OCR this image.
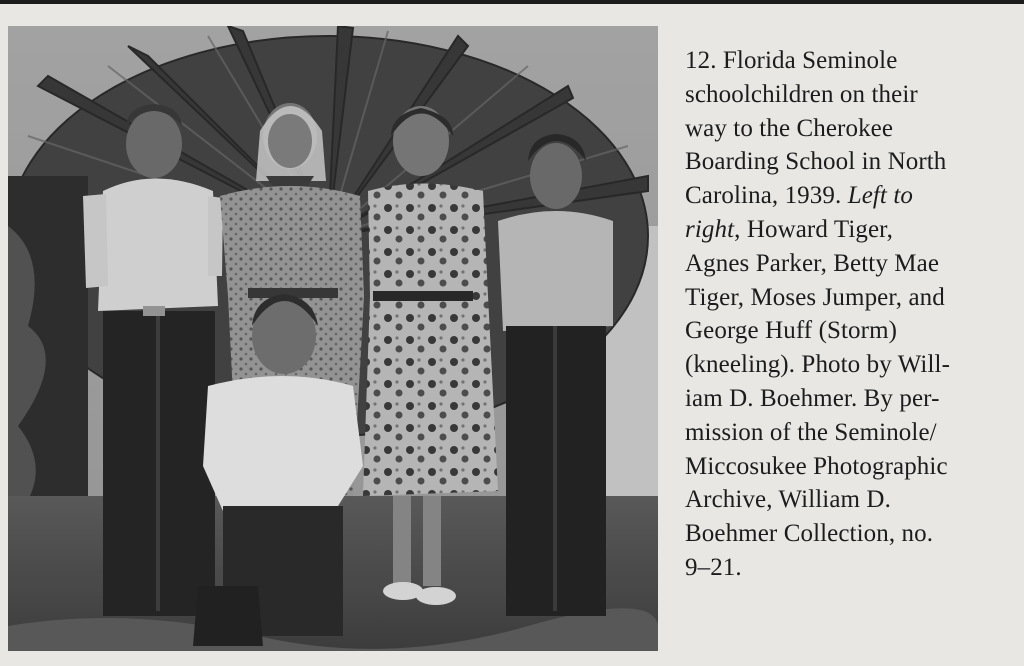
12. Florida Seminole
schoolchildren on their
way to the Cherokee
Boarding School in North
Carolina, 1939. Left to
right, Howard Tiger,
Agnes Parker, Betty Mae
Tiger, Moses Jumper, and
George Huff (Storm)
(kneeling). Photo by Will-
iam D. Boehmer. By per-
mission of the Seminole/
Miccosukee Photographic
Archive, William D.
Boehmer Collection, no.
9–21.
